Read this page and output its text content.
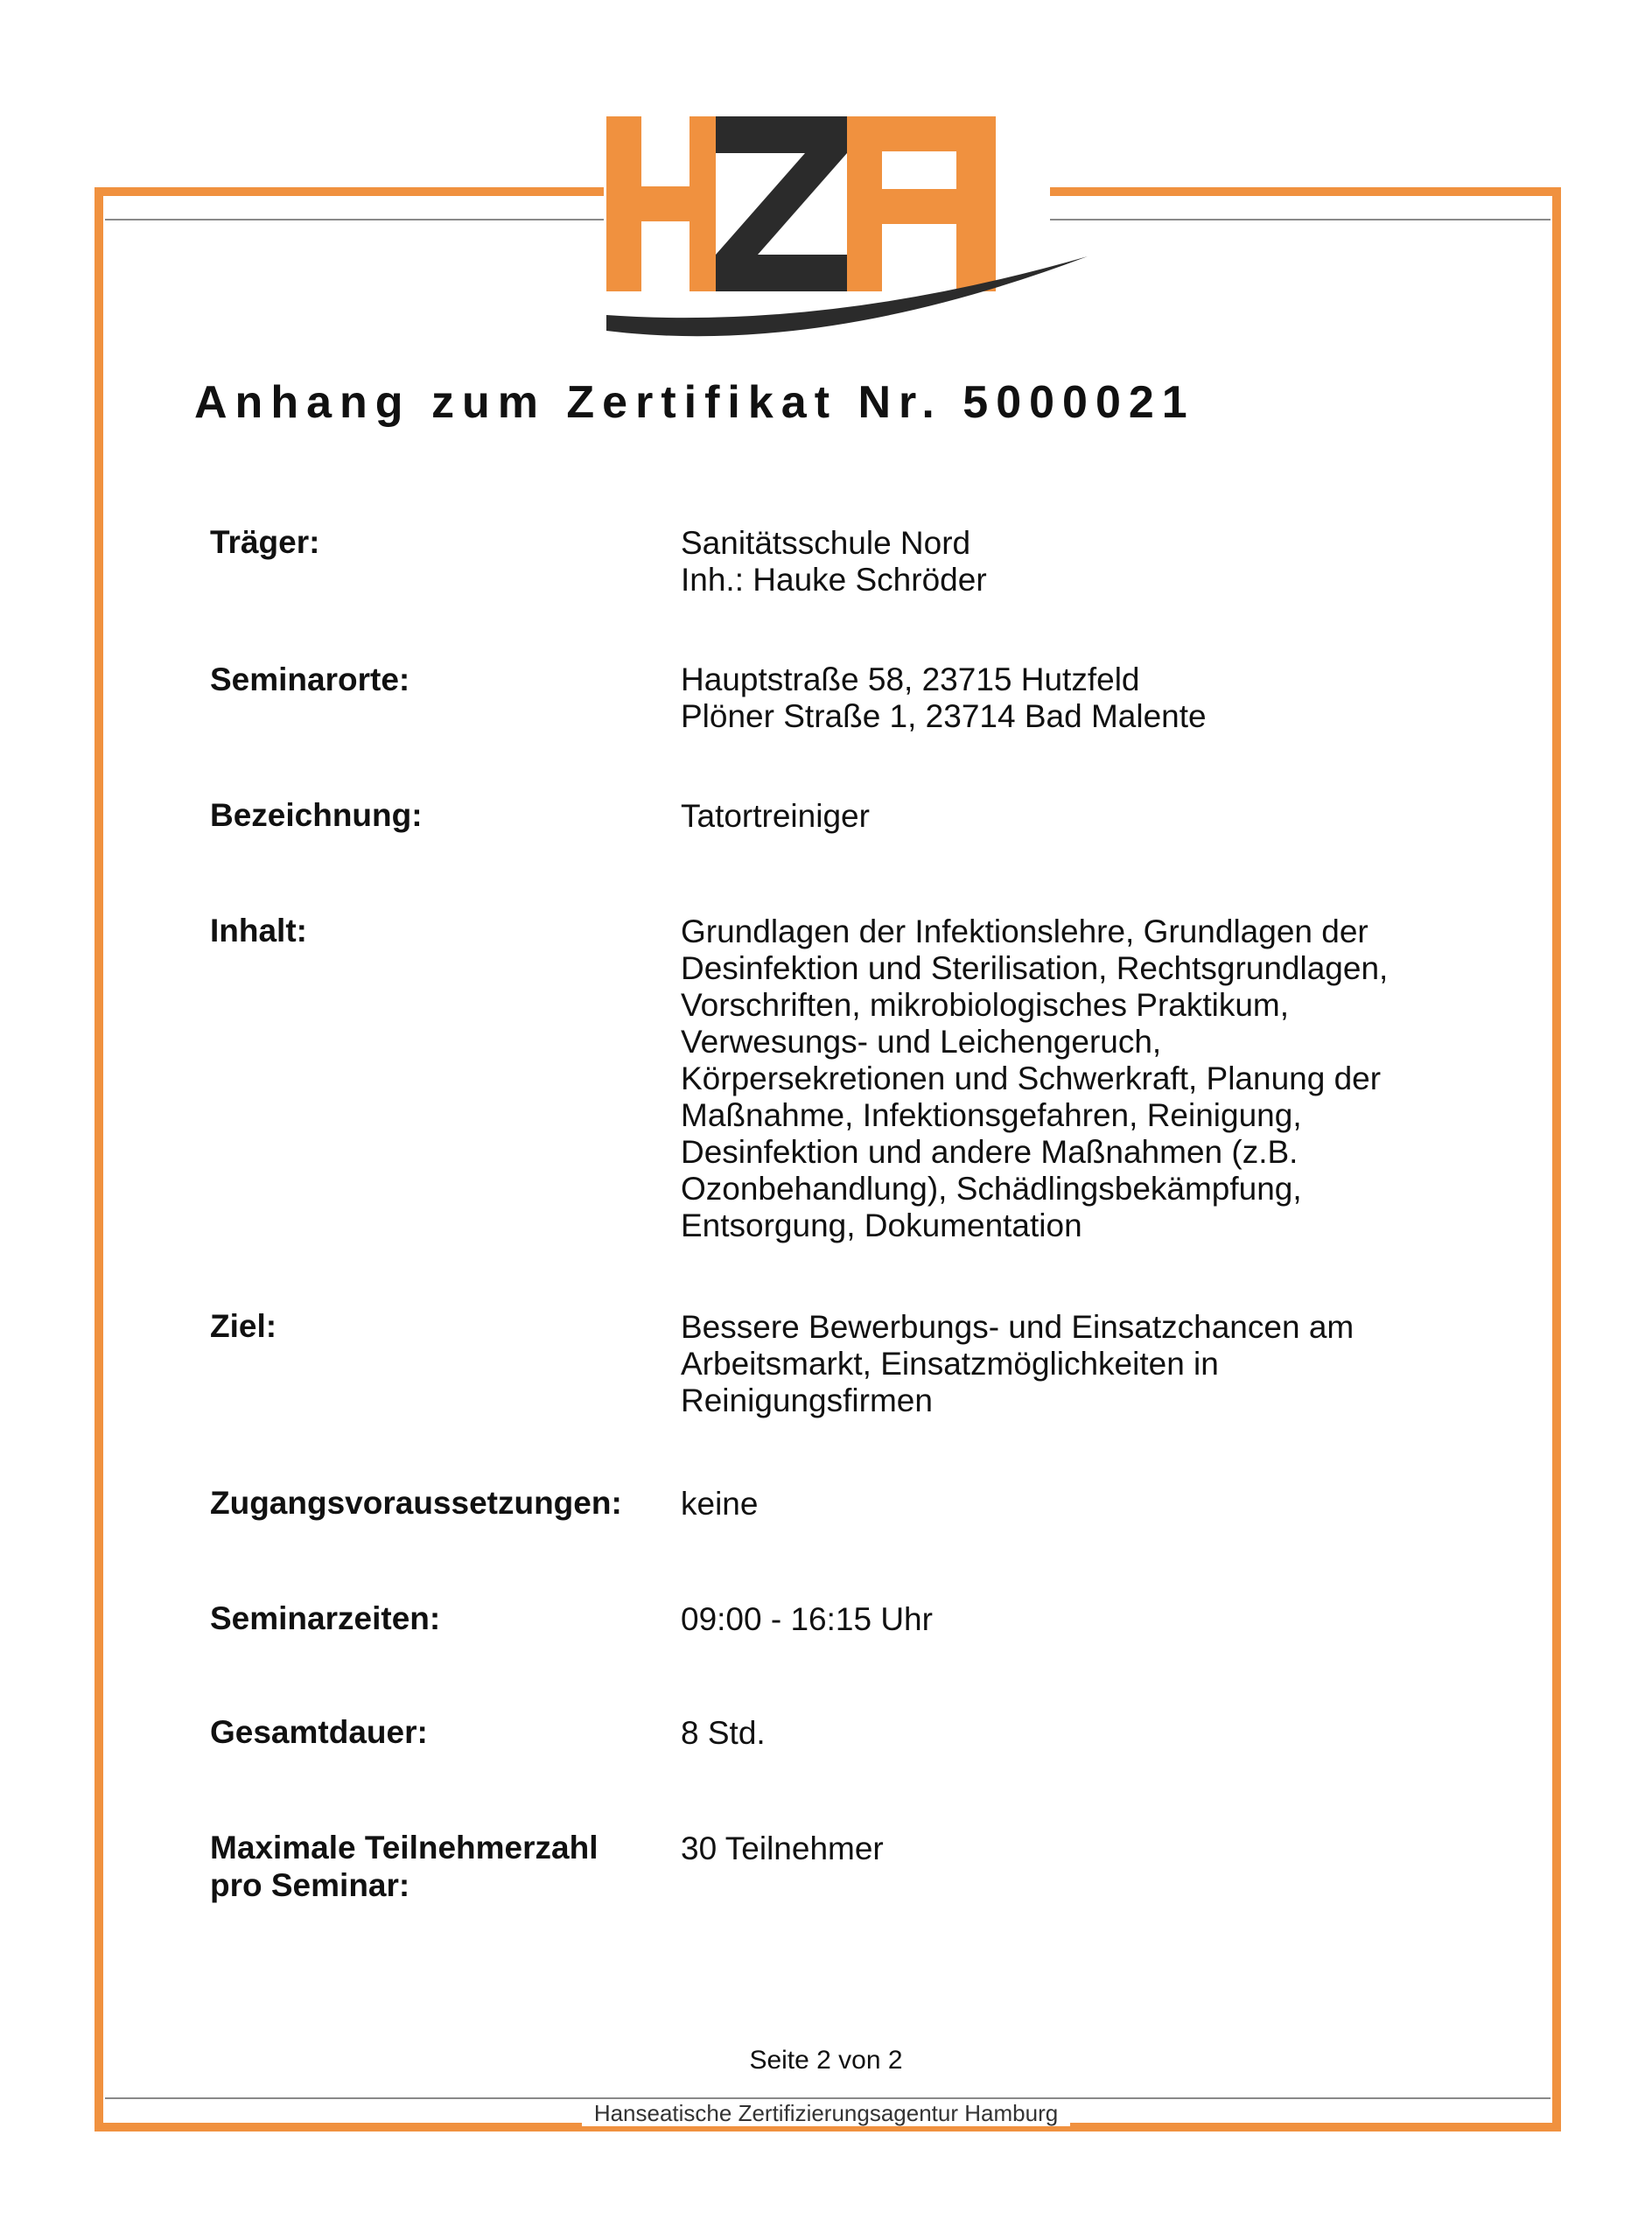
Anhang zum Zertifikat Nr. 5000021
Träger:	Sanitätsschule Nord
Inh.: Hauke Schröder
Seminarorte:	Hauptstraße 58, 23715 Hutzfeld
Plöner Straße 1, 23714 Bad Malente
Bezeichnung:	Tatortreiniger
Inhalt:	Grundlagen der Infektionslehre, Grundlagen der
Desinfektion und Sterilisation, Rechtsgrundlagen,
Vorschriften, mikrobiologisches Praktikum,
Verwesungs- und Leichengeruch,
Körpersekretionen und Schwerkraft, Planung der
Maßnahme, Infektionsgefahren, Reinigung,
Desinfektion und andere Maßnahmen (z.B.
Ozonbehandlung), Schädlingsbekämpfung,
Entsorgung, Dokumentation
Ziel:	Bessere Bewerbungs- und Einsatzchancen am
Arbeitsmarkt, Einsatzmöglichkeiten in
Reinigungsfirmen
Zugangsvoraussetzungen: keine
Seminarzeiten:	09:00 - 16:15 Uhr
Gesamtdauer:	8 Std.
Maximale Teilnehmerzahl
pro Seminar:
30 Teilnehmer
Seite 2 von 2
Hanseatische Zertifizierungsagentur Hamburg
